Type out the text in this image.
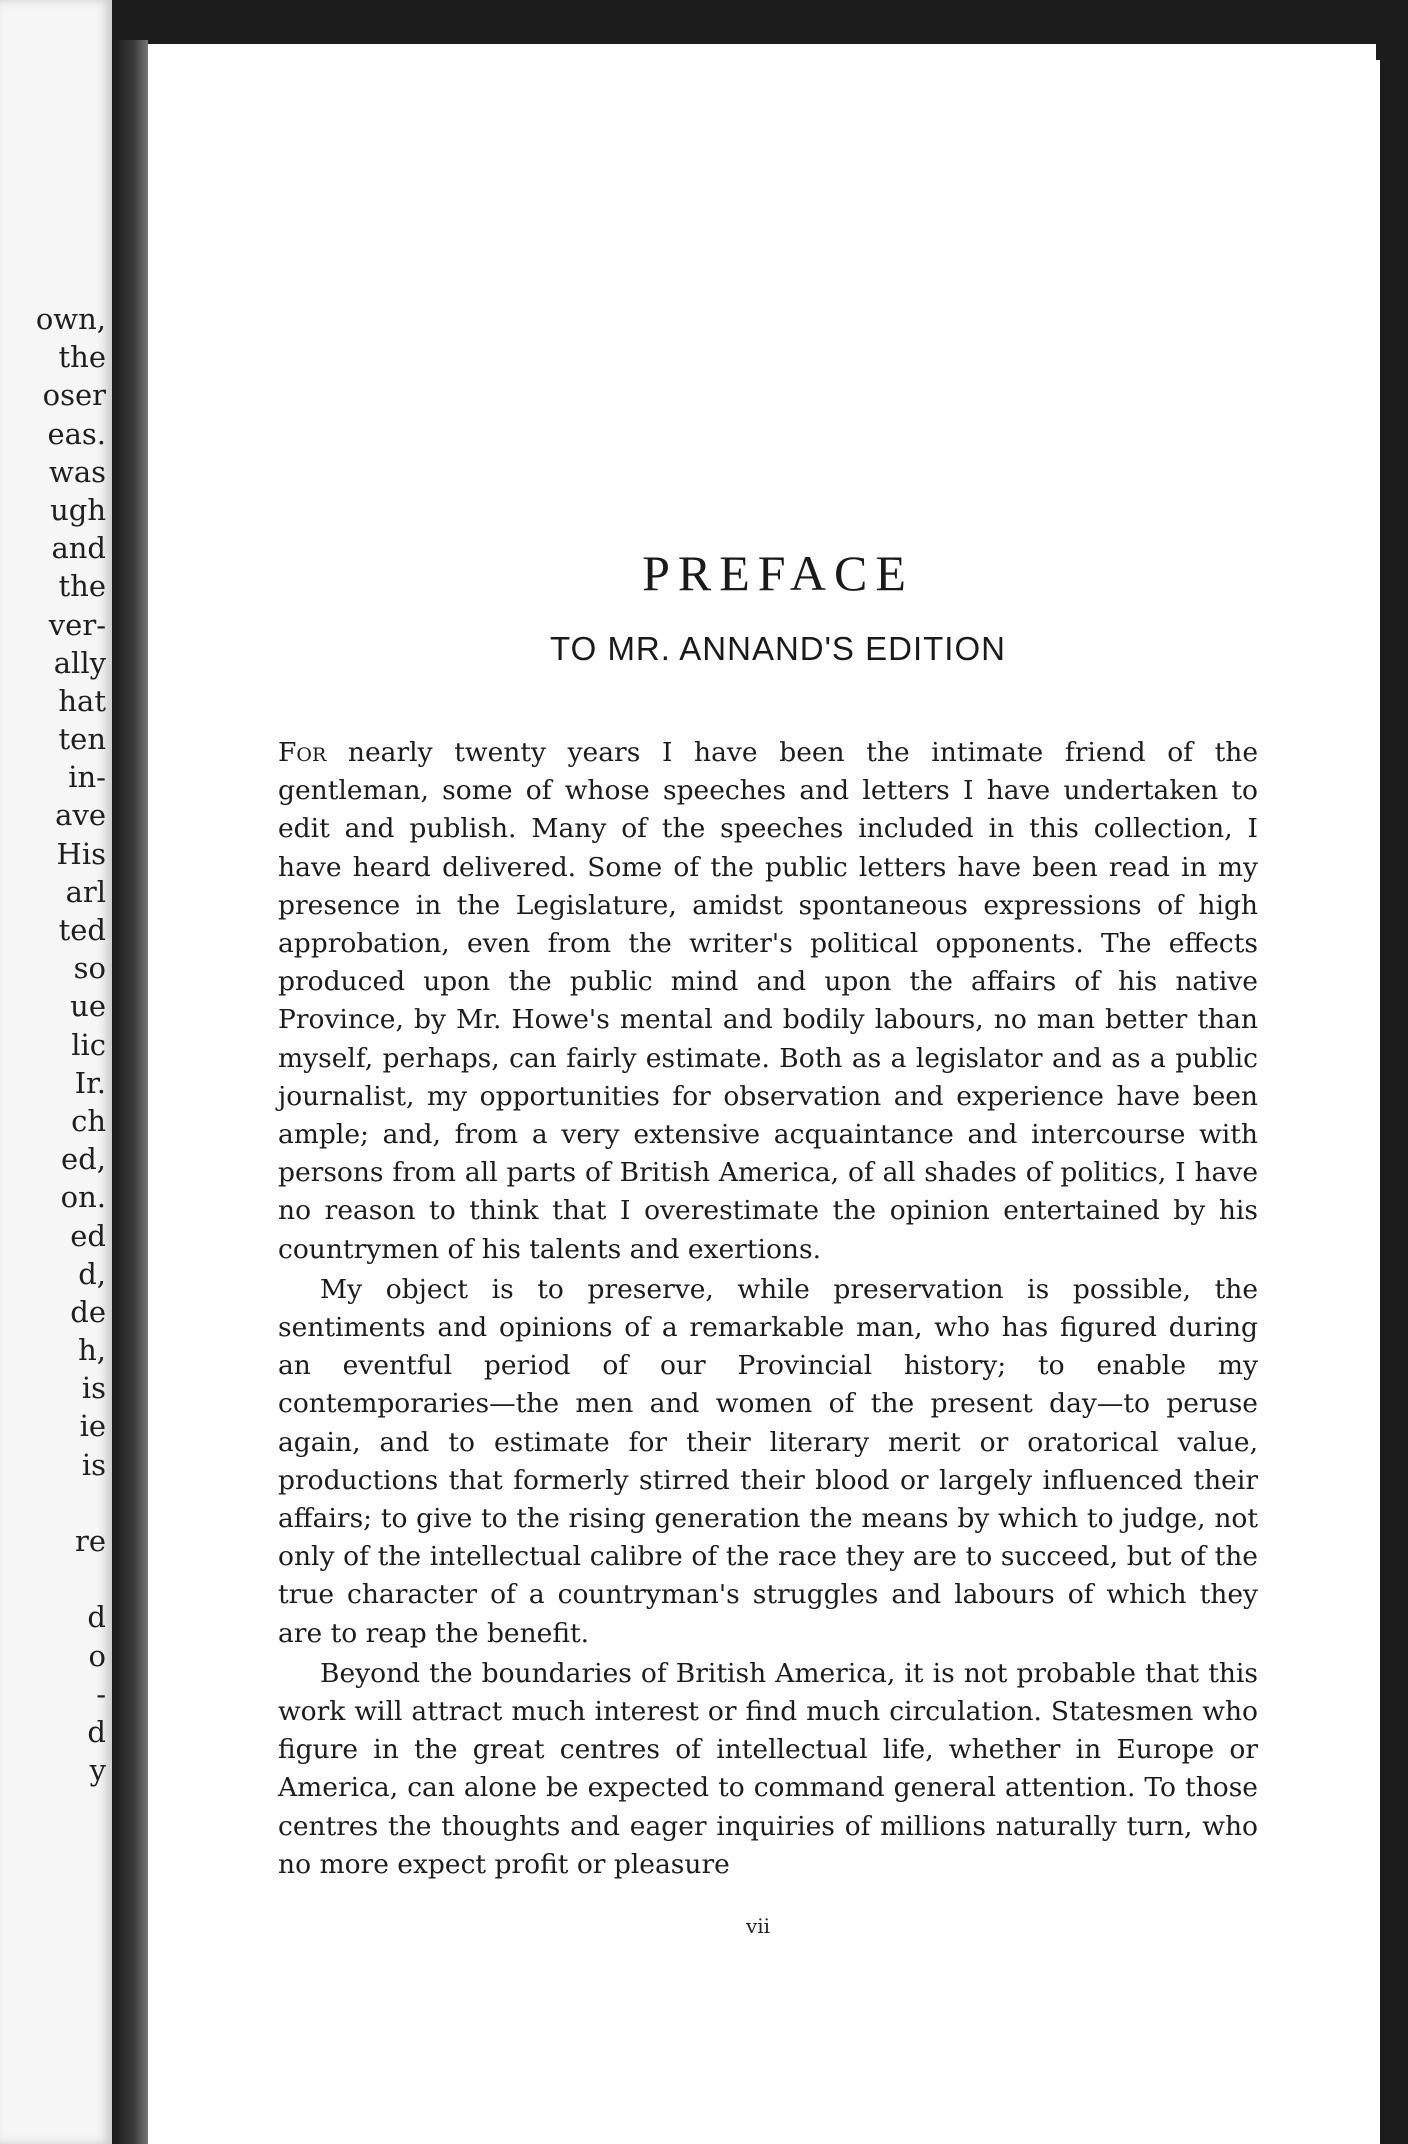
own,
the
oser
eas.
was
ugh
and
the
ver-
ally
hat
ten
in-
ave
His
arl
ted
so
ue
lic
Ir.
ch
ed,
on.
ed
d,
de
h,
is
ie
is
re
d
o
-
d
y
PREFACE
TO MR. ANNAND'S EDITION

For nearly twenty years I have been the intimate friend of the gentleman, some of whose speeches and letters I have undertaken to edit and publish. Many of the speeches included in this collection, I have heard delivered. Some of the public letters have been read in my presence in the Legislature, amidst spontaneous expressions of high approbation, even from the writer's political opponents. The effects produced upon the public mind and upon the affairs of his native Province, by Mr. Howe's mental and bodily labours, no man better than myself, perhaps, can fairly estimate. Both as a legislator and as a public journalist, my opportunities for observation and experience have been ample; and, from a very extensive acquaintance and intercourse with persons from all parts of British America, of all shades of politics, I have no reason to think that I overestimate the opinion entertained by his countrymen of his talents and exertions.

My object is to preserve, while preservation is possible, the sentiments and opinions of a remarkable man, who has figured during an eventful period of our Provincial history; to enable my contemporaries—the men and women of the present day—to peruse again, and to estimate for their literary merit or oratorical value, productions that formerly stirred their blood or largely influenced their affairs; to give to the rising generation the means by which to judge, not only of the intellectual calibre of the race they are to succeed, but of the true character of a countryman's struggles and labours of which they are to reap the benefit.

Beyond the boundaries of British America, it is not probable that this work will attract much interest or find much circulation. Statesmen who figure in the great centres of intellectual life, whether in Europe or America, can alone be expected to command general attention. To those centres the thoughts and eager inquiries of millions naturally turn, who no more expect profit or pleasure

vii
